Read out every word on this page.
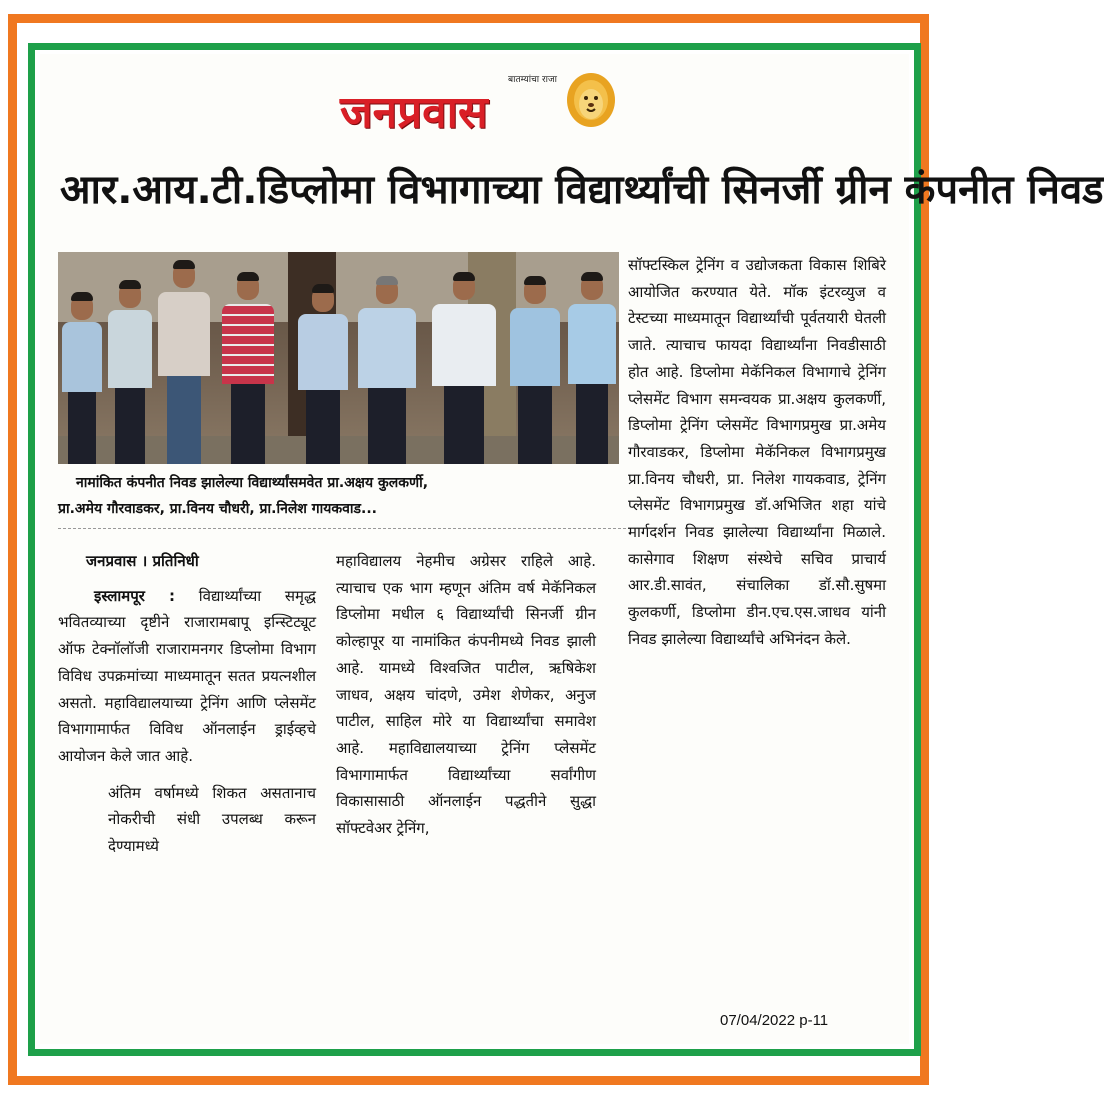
बातम्यांचा राजा
जनप्रवास
आर.आय.टी.डिप्लोमा विभागाच्या विद्यार्थ्यांची सिनर्जी ग्रीन कंपनीत निवड
नामांकित कंपनीत निवड झालेल्या विद्यार्थ्यांसमवेत प्रा.अक्षय कुलकर्णी,
प्रा.अमेय गौरवाडकर, प्रा.विनय चौधरी, प्रा.निलेश गायकवाड...

जनप्रवास । प्रतिनिधी

इस्लामपूर : विद्यार्थ्यांच्या समृद्ध भवितव्याच्या दृष्टीने राजारामबापू इन्स्टिट्यूट ऑफ टेक्नॉलॉजी राजारामनगर डिप्लोमा विभाग विविध उपक्रमांच्या माध्यमातून सतत प्रयत्नशील असतो. महाविद्यालयाच्या ट्रेनिंग आणि प्लेसमेंट विभागामार्फत विविध ऑनलाईन ड्राईव्हचे आयोजन केले जात आहे.

अंतिम वर्षामध्ये शिकत असतानाच नोकरीची संधी उपलब्ध करून देण्यामध्ये

महाविद्यालय नेहमीच अग्रेसर राहिले आहे. त्याचाच एक भाग म्हणून अंतिम वर्ष मेकॅनिकल डिप्लोमा मधील ६ विद्यार्थ्यांची सिनर्जी ग्रीन कोल्हापूर या नामांकित कंपनीमध्ये निवड झाली आहे. यामध्ये विश्वजित पाटील, ऋषिकेश जाधव, अक्षय चांदणे, उमेश शेणेकर, अनुज पाटील, साहिल मोरे या विद्यार्थ्यांचा समावेश आहे. महाविद्यालयाच्या ट्रेनिंग प्लेसमेंट विभागामार्फत विद्यार्थ्यांच्या सर्वांगीण विकासासाठी ऑनलाईन पद्धतीने सुद्धा सॉफ्टवेअर ट्रेनिंग,

सॉफ्टस्किल ट्रेनिंग व उद्योजकता विकास शिबिरे आयोजित करण्यात येते. मॉक इंटरव्युज व टेस्टच्या माध्यमातून विद्यार्थ्यांची पूर्वतयारी घेतली जाते. त्याचाच फायदा विद्यार्थ्यांना निवडीसाठी होत आहे. डिप्लोमा मेकॅनिकल विभागाचे ट्रेनिंग प्लेसमेंट विभाग समन्वयक प्रा.अक्षय कुलकर्णी, डिप्लोमा ट्रेनिंग प्लेसमेंट विभागप्रमुख प्रा.अमेय गौरवाडकर, डिप्लोमा मेकॅनिकल विभागप्रमुख प्रा.विनय चौधरी, प्रा. निलेश गायकवाड, ट्रेनिंग प्लेसमेंट विभागप्रमुख डॉ.अभिजित शहा यांचे मार्गदर्शन निवड झालेल्या विद्यार्थ्यांना मिळाले. कासेगाव शिक्षण संस्थेचे सचिव प्राचार्य आर.डी.सावंत, संचालिका डॉ.सौ.सुषमा कुलकर्णी, डिप्लोमा डीन.एच.एस.जाधव यांनी निवड झालेल्या विद्यार्थ्यांचे अभिनंदन केले.

07/04/2022 p-11
